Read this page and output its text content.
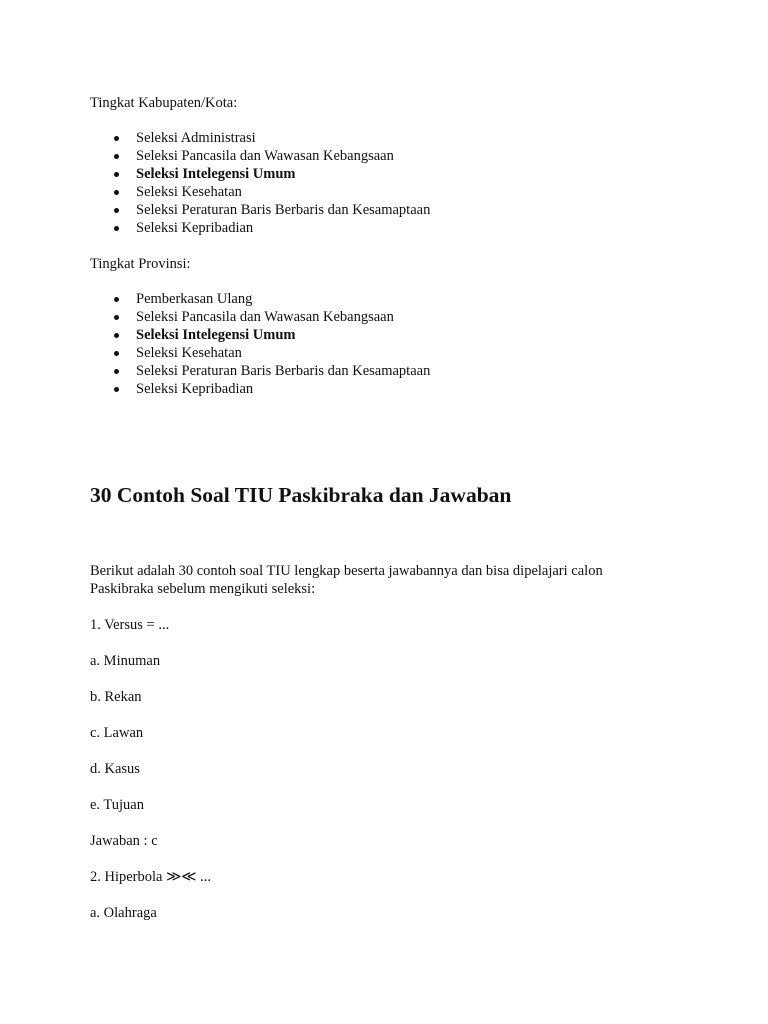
Tingkat Kabupaten/Kota:

Seleksi Administrasi
Seleksi Pancasila dan Wawasan Kebangsaan
Seleksi Intelegensi Umum
Seleksi Kesehatan
Seleksi Peraturan Baris Berbaris dan Kesamaptaan
Seleksi Kepribadian

Tingkat Provinsi:

Pemberkasan Ulang
Seleksi Pancasila dan Wawasan Kebangsaan
Seleksi Intelegensi Umum
Seleksi Kesehatan
Seleksi Peraturan Baris Berbaris dan Kesamaptaan
Seleksi Kepribadian
30 Contoh Soal TIU Paskibraka dan Jawaban

Berikut adalah 30 contoh soal TIU lengkap beserta jawabannya dan bisa dipelajari calon

Paskibraka sebelum mengikuti seleksi:

1. Versus = ...

a. Minuman

b. Rekan

c. Lawan

d. Kasus

e. Tujuan

Jawaban : c

2. Hiperbola ≫≪ ...

a. Olahraga
